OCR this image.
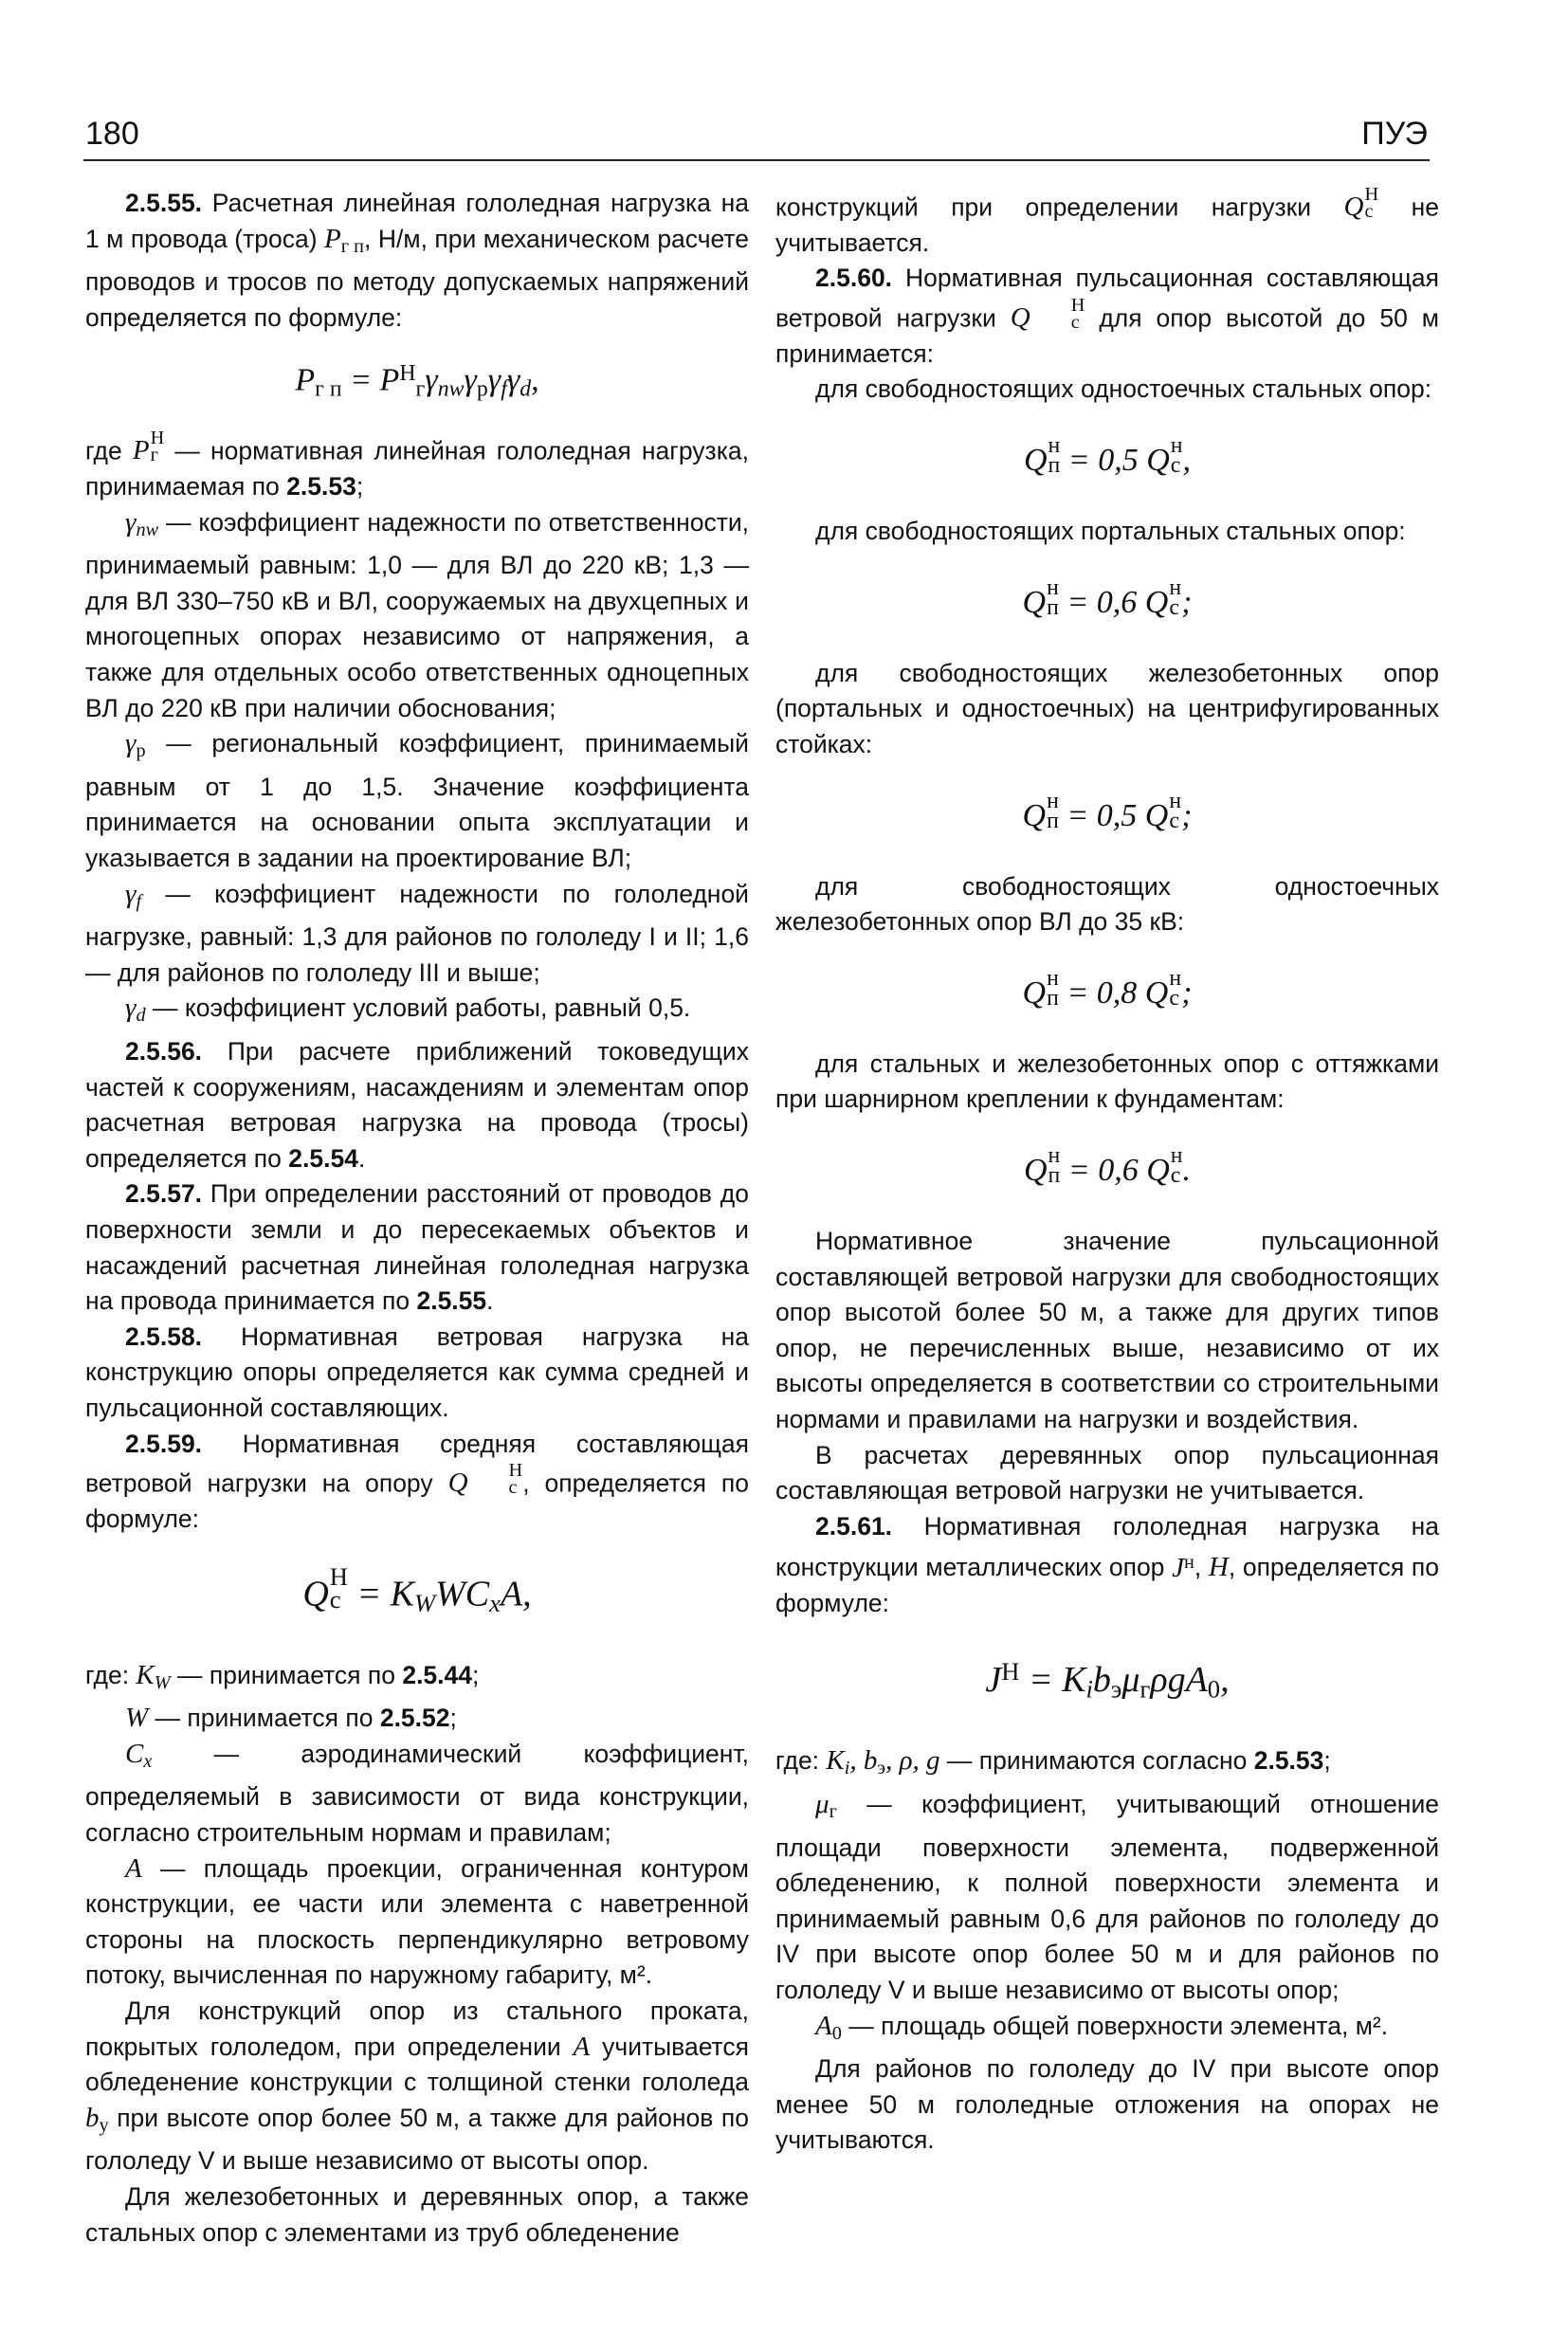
180	ПУЭ

2.5.55. Расчетная линейная гололедная нагрузка на 1 м провода (троса) $P_{г п}$, Н/м, при механическом расчете проводов и тросов по методу допускаемых напряжений определяется по формуле:

$P_{г п} = P^Н_г\gamma_{nw}\gamma_р\gamma_f\gamma_d$,

где P Н
г — нормативная линейная гололедная нагрузка, принимаемая по 2.5.53;

$\gamma_{nw}$ — коэффициент надежности по ответственности, принимаемый равным: 1,0 — для ВЛ до 220 кВ; 1,3 — для ВЛ 330–750 кВ и ВЛ, сооружаемых на двухцепных и многоцепных опорах независимо от напряжения, а также для отдельных особо ответственных одноцепных ВЛ до 220 кВ при наличии обоснования;

$\gamma_р$ — региональный коэффициент, принимаемый равным от 1 до 1,5. Значение коэффициента принимается на основании опыта эксплуатации и указывается в задании на проектирование ВЛ;

$\gamma_f$ — коэффициент надежности по гололедной нагрузке, равный: 1,3 для районов по гололеду I и II; 1,6 — для районов по гололеду III и выше;

$\gamma_d$ — коэффициент условий работы, равный 0,5.

2.5.56. При расчете приближений токоведущих частей к сооружениям, насаждениям и элементам опор расчетная ветровая нагрузка на провода (тросы) определяется по 2.5.54.

2.5.57. При определении расстояний от проводов до поверхности земли и до пересекаемых объектов и насаждений расчетная линейная гололедная нагрузка на провода принимается по 2.5.55.

2.5.58. Нормативная ветровая нагрузка на конструкцию опоры определяется как сумма средней и пульсационной составляющих.

2.5.59. Нормативная средняя составляющая ветровой нагрузки на опору Q	Н
с , определяется по формуле:

Q Н
$с = K_WWC_xA$,

где: $K_W$ — принимается по 2.5.44;

W — принимается по 2.5.52;

$C_x$ — аэродинамический коэффициент, определяемый в зависимости от вида конструкции, согласно строительным нормам и правилам;

A — площадь проекции, ограниченная контуром конструкции, ее части или элемента с наветренной стороны на плоскость перпендикулярно ветровому потоку, вычисленная по наружному габариту, м².

Для конструкций опор из стального проката, покрытых гололедом, при определении A учитывается обледенение конструкции с толщиной стенки гололеда $b_у$ при высоте опор более 50 м, а также для районов по гололеду V и выше независимо от высоты опор.

Для железобетонных и деревянных опор, а также стальных опор с элементами из труб обледенение

конструкций при определении нагрузки Q Н
с не учитывается.

2.5.60. Нормативная пульсационная составляющая ветровой нагрузки Q	Н
с для опор высотой до 50 м принимается:

для свободностоящих одностоечных стальных опор:

Q н
п = 0,5 Q н
с ,

для свободностоящих портальных стальных опор:

Q н
п = 0,6 Q н
с ;

для свободностоящих железобетонных опор (портальных и одностоечных) на центрифугированных стойках:

Q н
п = 0,5 Q н
с ;

для свободностоящих одностоечных железобетонных опор ВЛ до 35 кВ:

Q н
п = 0,8 Q н
с ;

для стальных и железобетонных опор с оттяжками при шарнирном креплении к фундаментам:

Q н
п = 0,6 Q н
с .

Нормативное значение пульсационной составляющей ветровой нагрузки для свободностоящих опор высотой более 50 м, а также для других типов опор, не перечисленных выше, независимо от их высоты определяется в соответствии со строительными нормами и правилами на нагрузки и воздействия.

В расчетах деревянных опор пульсационная составляющая ветровой нагрузки не учитывается.

2.5.61. Нормативная гололедная нагрузка на конструкции металлических опор $J^н$, H, определяется по формуле:

$J^Н = K_ib_э\mu_г\rho gA_0$,

где: $K_i$, $b_э$, ρ, g — принимаются согласно 2.5.53;

$\mu_г$ — коэффициент, учитывающий отношение площади поверхности элемента, подверженной обледенению, к полной поверхности элемента и принимаемый равным 0,6 для районов по гололеду до IV при высоте опор более 50 м и для районов по гололеду V и выше независимо от высоты опор;

$A_0$ — площадь общей поверхности элемента, м².

Для районов по гололеду до IV при высоте опор менее 50 м гололедные отложения на опорах не учитываются.
